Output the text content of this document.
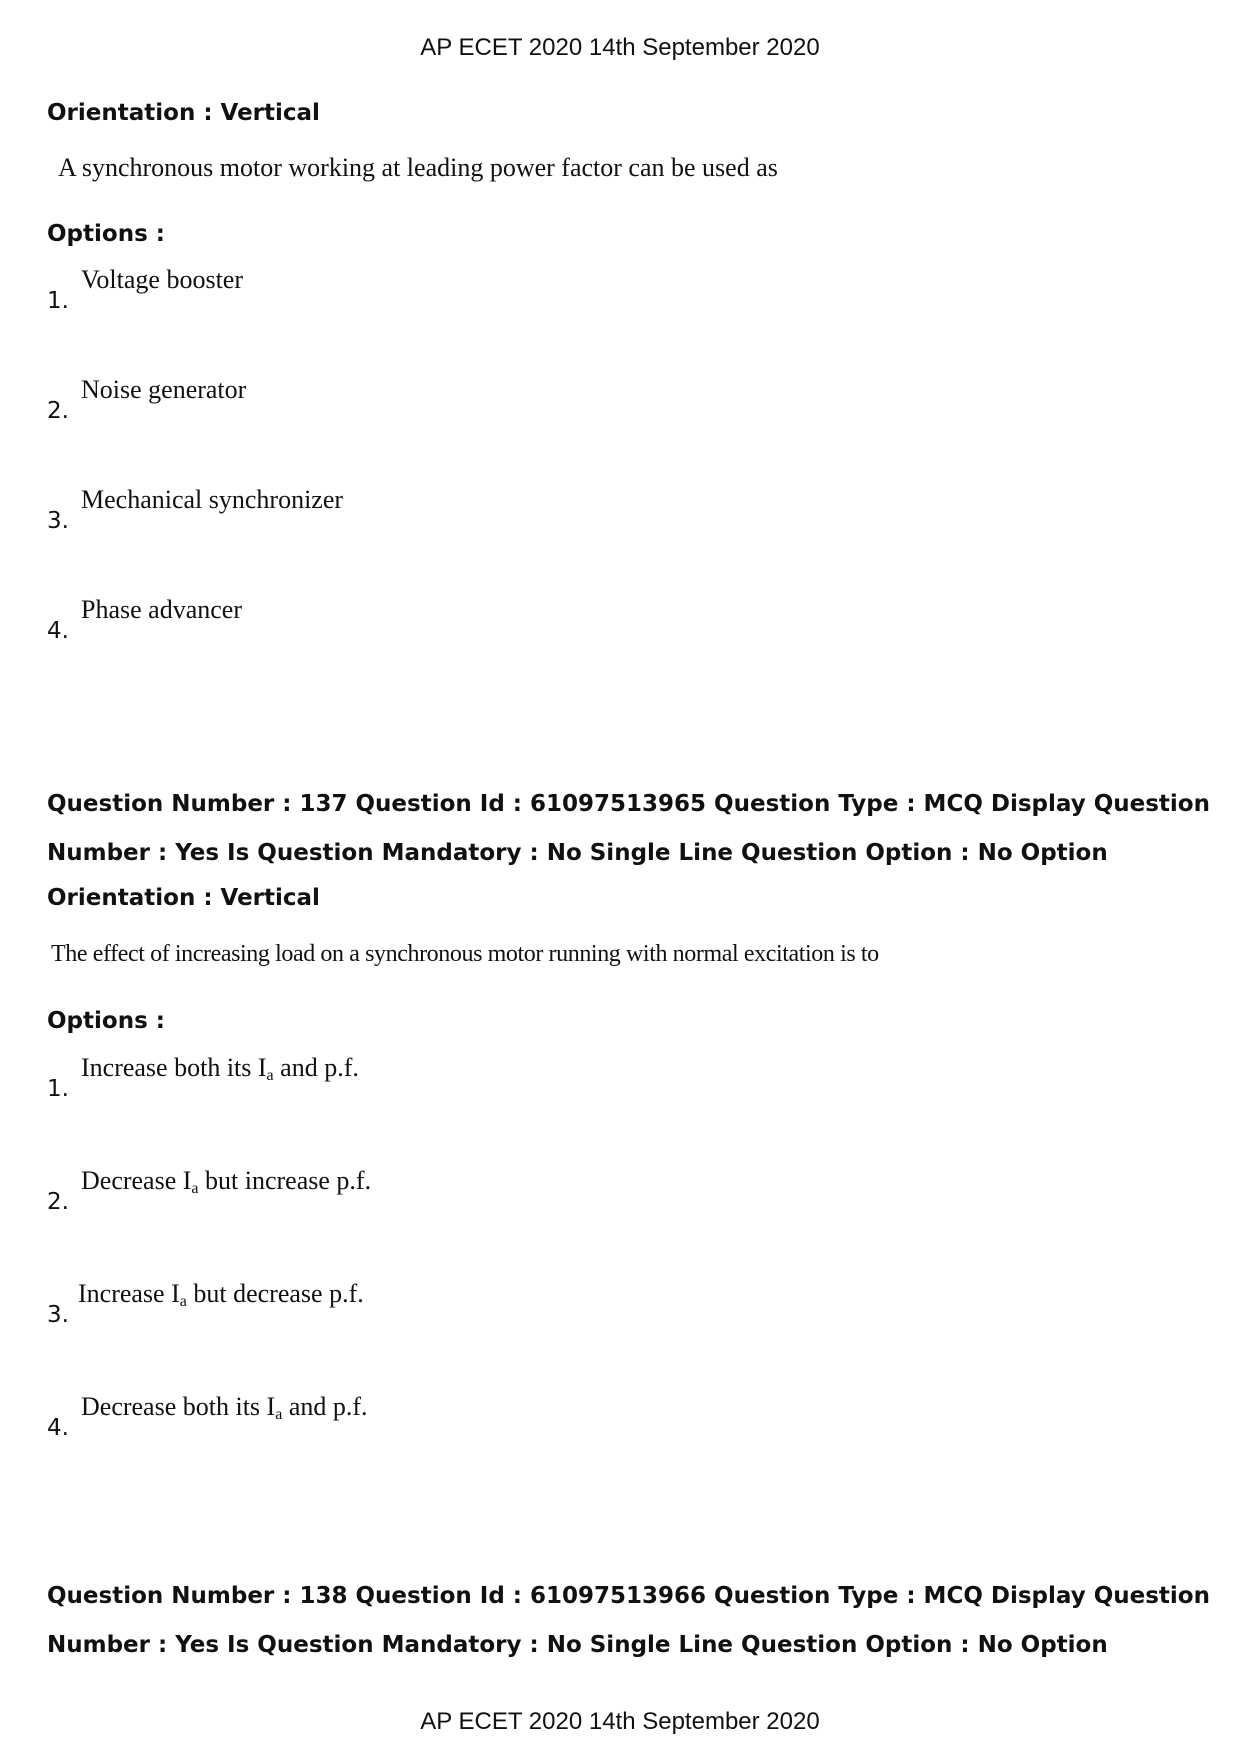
AP ECET 2020 14th September 2020
Orientation : Vertical
A synchronous motor working at leading power factor can be used as
Options :
1.
Voltage booster
2.
Noise generator
3.
Mechanical synchronizer
4.
Phase advancer
Question Number : 137 Question Id : 61097513965 Question Type : MCQ Display Question
Number : Yes Is Question Mandatory : No Single Line Question Option : No Option
Orientation : Vertical
The effect of increasing load on a synchronous motor running with normal excitation is to
Options :
1.
Increase both its $I_a$ and p.f.
2.
Decrease $I_a$ but increase p.f.
3.
Increase $I_a$ but decrease p.f.
4.
Decrease both its $I_a$ and p.f.
Question Number : 138 Question Id : 61097513966 Question Type : MCQ Display Question
Number : Yes Is Question Mandatory : No Single Line Question Option : No Option
AP ECET 2020 14th September 2020
